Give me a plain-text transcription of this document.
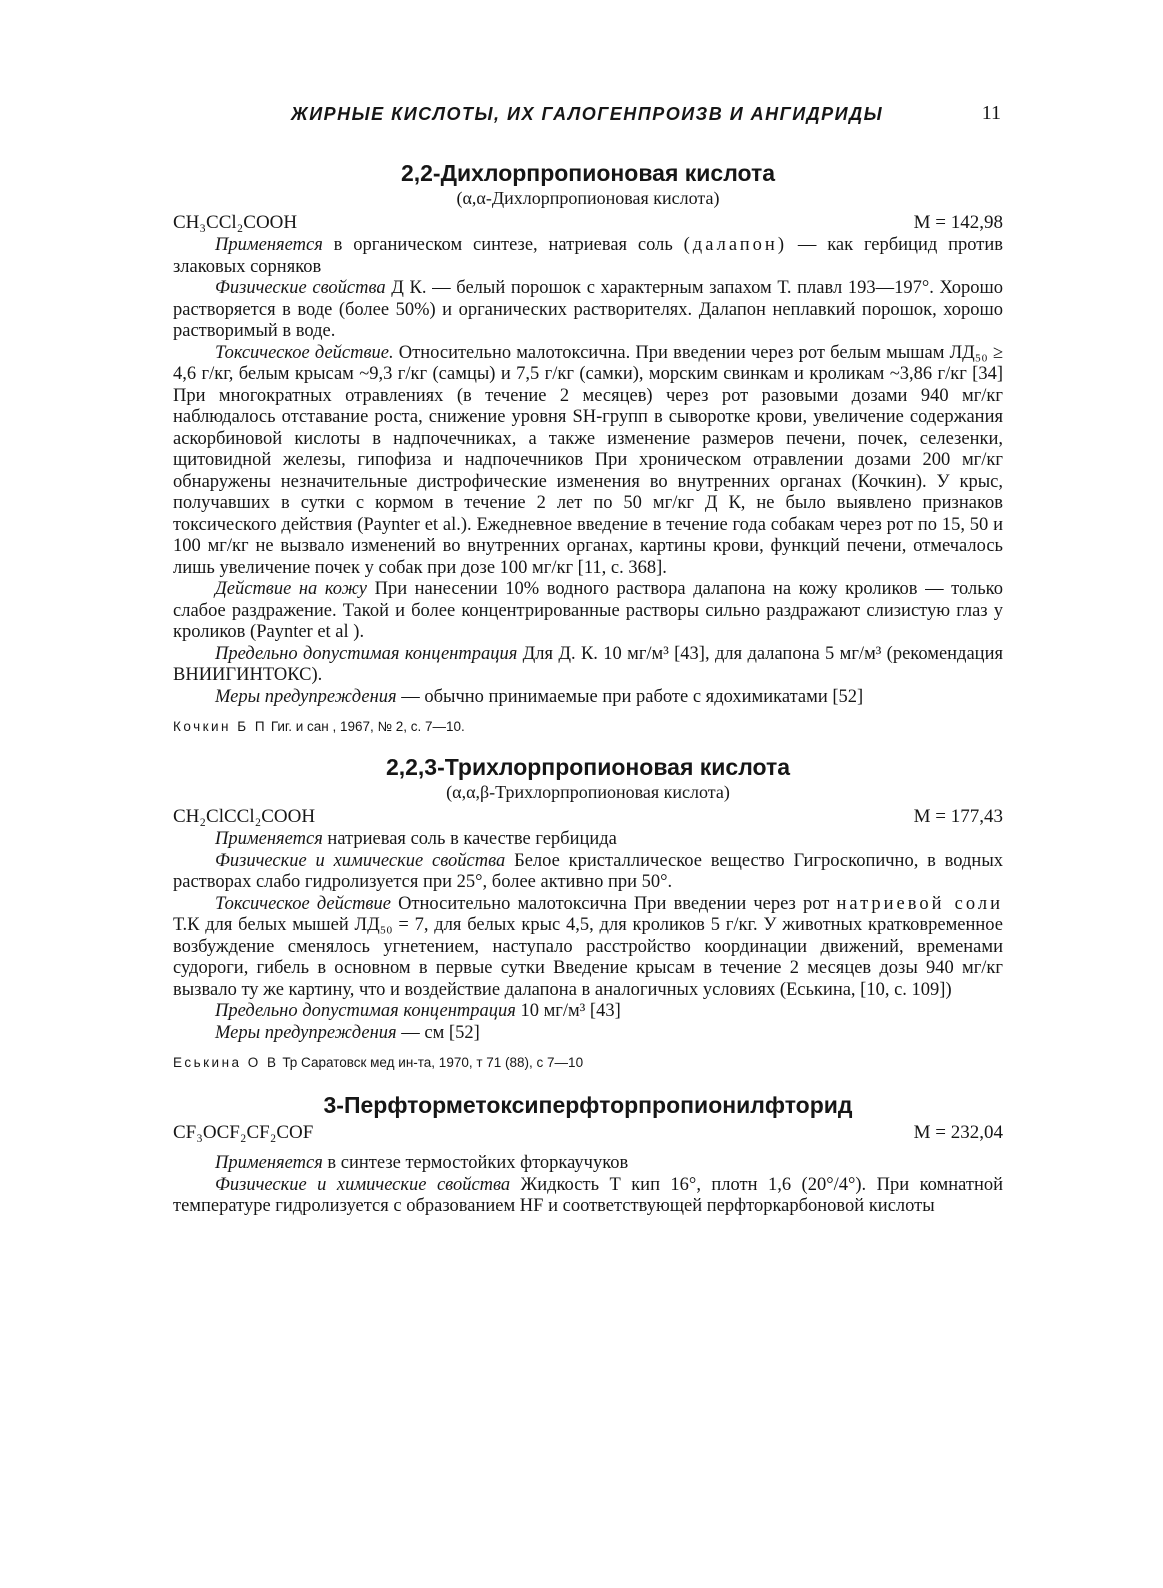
ЖИРНЫЕ КИСЛОТЫ, ИХ ГАЛОГЕНПРОИЗВ И АНГИДРИДЫ	11
2,2-Дихлорпропионовая кислота
(α,α-Дихлорпропионовая кислота)
CH₃CCl₂COOH	M = 142,98

Применяется в органическом синтезе, натриевая соль (далапон) — как гербицид против злаковых сорняков

Физические свойства Д К. — белый порошок с характерным запахом Т. плавл 193—197°. Хорошо растворяется в воде (более 50%) и органических растворителях. Далапон неплавкий порошок, хорошо растворимый в воде.

Токсическое действие. Относительно малотоксична. При введении через рот белым мышам ЛД₅₀ ≥ 4,6 г/кг, белым крысам ~9,3 г/кг (самцы) и 7,5 г/кг (самки), морским свинкам и кроликам ~3,86 г/кг [34] При многократных отравлениях (в течение 2 месяцев) через рот разовыми дозами 940 мг/кг наблюдалось отставание роста, снижение уровня SH-групп в сыворотке крови, увеличение содержания аскорбиновой кислоты в надпочечниках, а также изменение размеров печени, почек, селезенки, щитовидной железы, гипофиза и надпочечников При хроническом отравлении дозами 200 мг/кг обнаружены незначительные дистрофические изменения во внутренних органах (Кочкин). У крыс, получавших в сутки с кормом в течение 2 лет по 50 мг/кг Д К, не было выявлено признаков токсического действия (Paynter et al.). Ежедневное введение в течение года собакам через рот по 15, 50 и 100 мг/кг не вызвало изменений во внутренних органах, картины крови, функций печени, отмечалось лишь увеличение почек у собак при дозе 100 мг/кг [11, с. 368].

Действие на кожу При нанесении 10% водного раствора далапона на кожу кроликов — только слабое раздражение. Такой и более концентрированные растворы сильно раздражают слизистую глаз у кроликов (Paynter et al ).

Предельно допустимая концентрация Для Д. К. 10 мг/м³ [43], для далапона 5 мг/м³ (рекомендация ВНИИГИНТОКС).

Меры предупреждения — обычно принимаемые при работе с ядохимикатами [52]

Кочкин Б П Гиг. и сан , 1967, № 2, с. 7—10.
2,2,3-Трихлорпропионовая кислота
(α,α,β-Трихлорпропионовая кислота)
CH₂ClCCl₂COOH	M = 177,43

Применяется натриевая соль в качестве гербицида

Физические и химические свойства Белое кристаллическое вещество Гигроскопично, в водных растворах слабо гидролизуется при 25°, более активно при 50°.

Токсическое действие Относительно малотоксична При введении через рот натриевой соли Т.К для белых мышей ЛД₅₀ = 7, для белых крыс 4,5, для кроликов 5 г/кг. У животных кратковременное возбуждение сменялось угнетением, наступало расстройство координации движений, временами судороги, гибель в основном в первые сутки Введение крысам в течение 2 месяцев дозы 940 мг/кг вызвало ту же картину, что и воздействие далапона в аналогичных условиях (Еськина, [10, с. 109])

Предельно допустимая концентрация 10 мг/м³ [43]

Меры предупреждения — см [52]

Еськина О В Тр Саратовск мед ин-та, 1970, т 71 (88), с 7—10
3-Перфторметоксиперфторпропионилфторид
CF₃OCF₂CF₂COF	M = 232,04

Применяется в синтезе термостойких фторкаучуков

Физические и химические свойства Жидкость Т кип 16°, плотн 1,6 (20°/4°). При комнатной температуре гидролизуется с образованием HF и соответствующей перфторкарбоновой кислоты
